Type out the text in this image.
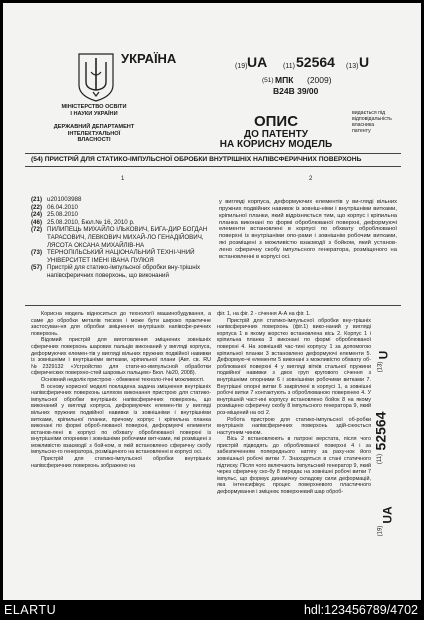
УКРАЇНА
МІНІСТЕРСТВО ОСВІТИ
І НАУКИ УКРАЇНИ
ДЕРЖАВНИЙ ДЕПАРТАМЕНТ
ІНТЕЛЕКТУАЛЬНОЇ
ВЛАСНОСТІ
(19) UA (11) 52564 (13) U
(51) МПК (2009)
B24B 39/00
ОПИС
ДО ПАТЕНТУ
НА КОРИСНУ МОДЕЛЬ
видається під
відповідальність
власника
патенту
(54) ПРИСТРІЙ ДЛЯ СТАТИКО-ІМПУЛЬСНОЇ ОБРОБКИ ВНУТРІШНІХ НАПІВСФЕРИЧНИХ ПОВЕРХОНЬ
1	2
(21) u201003988
(22) 06.04.2010
(24) 25.08.2010
(46) 25.08.2010, Бюл.№ 16, 2010 р.
(72) ПИЛИПЕЦЬ МИХАЙЛО ІЛЬКОВИЧ, БИГА-ДИР БОГДАН ТАРАСОВИЧ, ЛЕВКОВИЧ МИХАЙ-ЛО ГЕНАДІЙОВИЧ, ЛЯСОТА ОКСАНА МИХАЙЛІВ-НА
(73) ТЕРНОПІЛЬСЬКИЙ НАЦІОНАЛЬНИЙ ТЕХНІ-ЧНИЙ УНІВЕРСИТЕТ ІМЕНІ ІВАНА ПУЛЮЯ
(57) Пристрій для статико-імпульсної обробки вну-трішніх напівсферичних поверхонь, що виконаний
у вигляді корпуса, деформуючих елементів у ви-гляді вільних пружних подвійних навивок із зовніш-німи і внутрішніми витками, кріпильної планки, який відрізняється тим, що корпус і кріпильна планка виконані по формі оброблюваної поверхні, деформуючі елементи встановлені в корпусі по обхвату оброблюваної поверхні із внутрішніми опо-рами і зовнішнім робочим витками, які розміщені з можливістю взаємодії з бойком, який установ-лено сферичну скобу імпульсного генератора, розміщеного на встановленні в корпусі осі.

Корисна модель відноситься до технології машинобудування, а саме до обробки металів тиском і може бути широко практичне застосуван-ня для обробки зміцнення внутрішніх напівсфе-ричних поверхонь.

Відомий пристрій для виготовлення зміцнених зовнішніх сферичних поверхонь шарових пальців виконаний у вигляді корпуса, деформуючих елемен-тів у вигляді вільних пружних подвійної навивки із зовнішніми і внутрішніми витками, кріпильної плани (Авт. св. RU №2329132 «Устройство для стати-ко-импульсной обработки сферических поверхно-стей шаровых пальцев» Бюл. №20, 2008).

Основний недолік пристрою - обмежені техноло-гічні можливості.

В основу корисної моделі покладена задача зміцнення внутрішніх напівсферичних поверхонь шляхом виконання пристрою для статико-імпульсної обробки внутрішніх напівсферичних поверхонь, що виконаний у вигляді корпуса, деформуючих елемен-тів у вигляді вільних пружних подвійної навивки із зовнішніми і внутрішніми витками, кріпильної планки, причому корпус і кріпильна планка виконані по формі оброб-люваної поверхні, деформуючі елементи встанов-лені в корпусі по обхвату оброблюваної поверхні із внутрішніми опорними і зовнішніми робочими вит-ками, які розміщені з можливістю взаємодії з бой-ком, в якій встановлено сферичну скобу імпульсно-го генератора, розміщеного на встановленні в корпусі осі.

Пристрій для статико-імпульсної обробки внутрішніх напівсферичних поверхонь зображено на

фіг. 1, на фіг. 2 - січення А-А на фіг. 1.

Пристрій для статико-імпульсної обробки вну-трішніх напівсферичних поверхонь (фіг.1) вико-наний у вигляді корпуса 1 в якому жорстко встановлена вісь 2. Корпус 1 і кріпильна планка 3 виконані по формі оброблюваної поверхні 4. На зовнішній час-тині корпусу 1 за допомогою кріпильної планки 3 встановлено деформуючі елементи 5. Деформую-чі елементи 5 виконані з можливістю обхвату об-роблюваної поверхні 4 у вигляді вітків стальної пружини подвійної навивки з двох груп кругового січення з внутрішніми опорними 6 і зовнішніми робочими витками 7. Внутрішні опорні витки 6 закріплені в корпусі 1, а зовнішні робочі витки 7 контактують з оброблюваною поверхнею 4. У внутрішній част-ині корпусу встановлено бойок 8 на якому розміщено сферичну скобу 8 імпульсного генератора 9, який роз-міщений на осі 2.

Робота пристрою для статико-імпульсної об-робки внутрішніх напівсферичних поверхонь здій-снюється наступним чином.

Вісь 2 встановлюють в патроні верстата, після чого пристрій підводять до оброблюваної поверхні 4 і за забезпеченням попереднього натягу за раху-нок його зовнішньої робочі витки 7. Знаходяться в стані статичного підтиску. Після чого включають імпульсний генератор 9, який через сферичну ско-бу 8 передає на зовнішні робочі витки 7 імпульс, що формує динамічну складову сили деформацій, яка інтенсифікує процес поверхневого пластичного деформування і зміцнює поверхневий шар оброб-

U
(13)
52564
(11)
UA
(19)
ELARTU	hdl:123456789/4702
